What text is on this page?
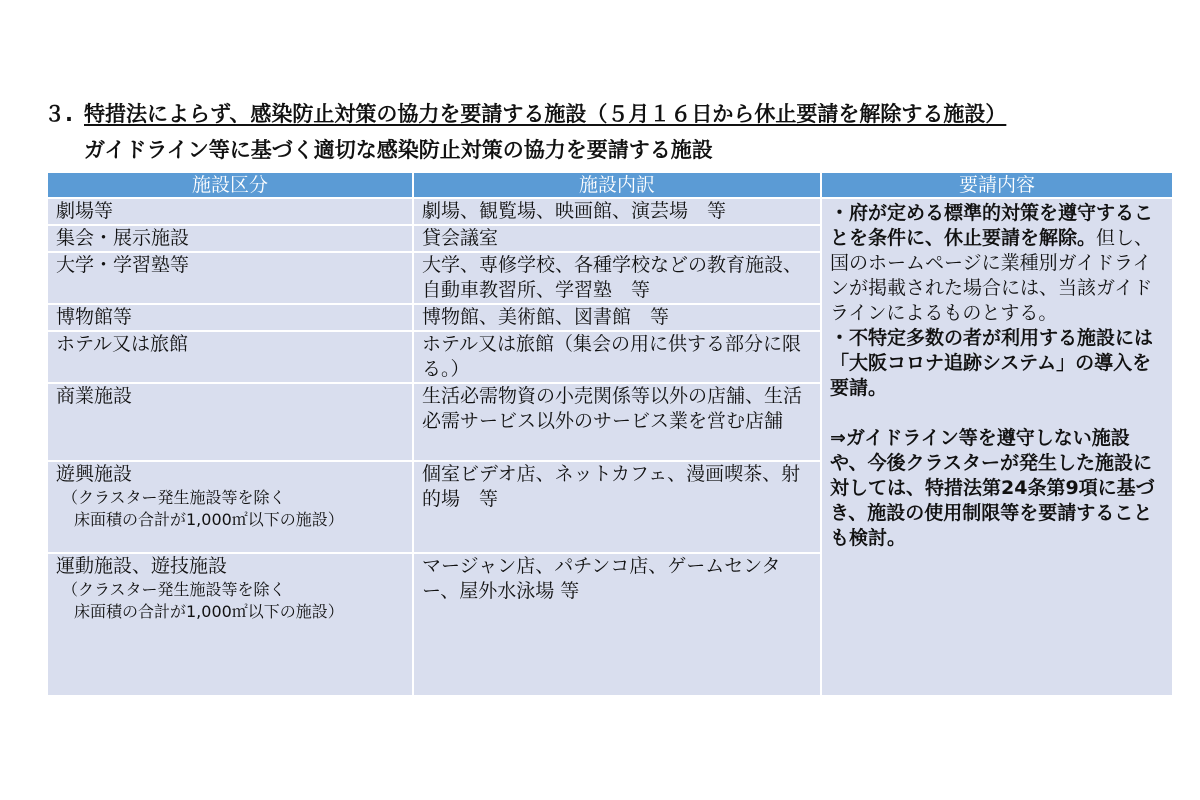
３. 特措法によらず、感染防止対策の協力を要請する施設（５月１６日から休止要請を解除する施設）
ガイドライン等に基づく適切な感染防止対策の協力を要請する施設
施設区分	施設内訳	要請内容
劇場等	劇場、観覧場、映画館、演芸場　等	・府が定める標準的対策を遵守することを条件に、休止要請を解除。但し、国のホームページに業種別ガイドラインが掲載された場合には、当該ガイドラインによるものとする。

・不特定多数の者が利用する施設には「大阪コロナ追跡システム」の導入を要請。

⇒ガイドライン等を遵守しない施設や、今後クラスターが発生した施設に対しては、特措法第24条第9項に基づき、施設の使用制限等を要請することも検討。

集会・展示施設	貸会議室	
大学・学習塾等	大学、専修学校、各種学校などの教育施設、自動車教習所、学習塾　等	
博物館等	博物館、美術館、図書館　等	
ホテル又は旅館	ホテル又は旅館（集会の用に供する部分に限る。）	
商業施設	生活必需物資の小売関係等以外の店舗、生活必需サービス以外のサービス業を営む店舗	
遊興施設
（クラスター発生施設等を除く
床面積の合計が1,000㎡以下の施設）	個室ビデオ店、ネットカフェ、漫画喫茶、射的場　等	
運動施設、遊技施設
（クラスター発生施設等を除く
床面積の合計が1,000㎡以下の施設）	マージャン店、パチンコ店、ゲームセンター、屋外水泳場 等	
